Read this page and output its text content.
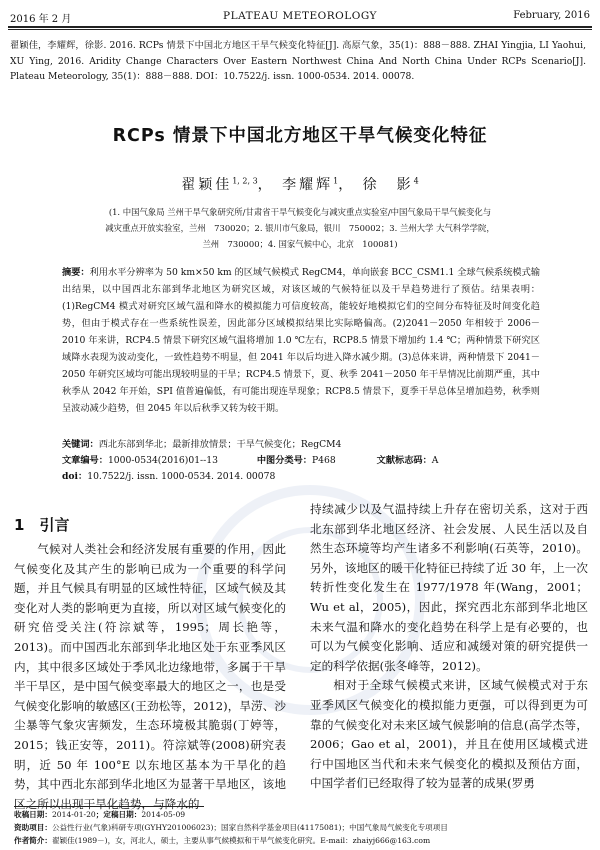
2016 年 2 月	PLATEAU METEOROLOGY	February, 2016
翟颖佳，李耀辉，徐影. 2016. RCPs 情景下中国北方地区干旱气候变化特征[J]. 高原气象，35(1)：888－888. ZHAI Yingjia, LI Yaohui, XU Ying, 2016. Aridity Change Characters Over Eastern Northwest China And North China Under RCPs Scenario[J]. Plateau Meteorology, 35(1)：888－888. DOI：10.7522/j. issn. 1000-0534. 2014. 00078.
RCPs 情景下中国北方地区干旱气候变化特征
翟颖佳$^{1, 2, 3}$， 李耀辉$^1$， 徐　影$^4$
(1. 中国气象局 兰州干旱气象研究所/甘肃省干旱气候变化与减灾重点实验室/中国气象局干旱气候变化与
减灾重点开放实验室，兰州　730020；2. 银川市气象局，银川　750002；3. 兰州大学 大气科学学院，
兰州　730000；4. 国家气候中心，北京　100081)
摘要：利用水平分辨率为 50 km×50 km 的区域气候模式 RegCM4，单向嵌套 BCC_CSM1.1 全球气候系统模式输出结果，以中国西北东部到华北地区为研究区域，对该区域的气候特征以及干旱趋势进行了预估。结果表明：(1)RegCM4 模式对研究区域气温和降水的模拟能力可信度较高，能较好地模拟它们的空间分布特征及时间变化趋势，但由于模式存在一些系统性误差，因此部分区域模拟结果比实际略偏高。(2)2041－2050 年相较于 2006－2010 年来讲，RCP4.5 情景下研究区域气温将增加 1.0 ℃左右，RCP8.5 情景下增加约 1.4 ℃；两种情景下研究区域降水表现为波动变化，一致性趋势不明显，但 2041 年以后均进入降水减少期。(3)总体来讲，两种情景下 2041－2050 年研究区域均可能出现较明显的干旱；RCP4.5 情景下，夏、秋季 2041－2050 年干旱情况比前期严重，其中秋季从 2042 年开始，SPI 值普遍偏低，有可能出现连旱现象；RCP8.5 情景下，夏季干旱总体呈增加趋势，秋季则呈波动减少趋势，但 2045 年以后秋季又转为较干期。
关键词：西北东部到华北；最新排放情景；干旱气候变化；RegCM4
文章编号：1000-0534(2016)01--13	中图分类号：P468	文献标志码：A
doi：10.7522/j. issn. 1000-0534. 2014. 00078
1　 引言

气候对人类社会和经济发展有重要的作用，因此气候变化及其产生的影响已成为一个重要的科学问题，并且气候具有明显的区域性特征，区域气候及其变化对人类的影响更为直接，所以对区域气候变化的研究倍受关注(符淙斌等，1995；周长艳等，2013)。而中国西北东部到华北地区处于东亚季风区内，其中很多区域处于季风北边缘地带，多属于干旱半干旱区，是中国气候变率最大的地区之一，也是受气候变化影响的敏感区(王劲松等，2012)，旱涝、沙尘暴等气象灾害频发，生态环境极其脆弱(丁婷等，2015；钱正安等，2011)。符淙斌等(2008)研究表明，近 50 年 100°E 以东地区基本为干旱化的趋势，其中西北东部到华北地区为显著干旱地区，该地区之所以出现干旱化趋势，与降水的

持续减少以及气温持续上升存在密切关系，这对于西北东部到华北地区经济、社会发展、人民生活以及自然生态环境等均产生诸多不利影响(石英等，2010)。另外，该地区的暖干化特征已持续了近 30 年，上一次转折性变化发生在 1977/1978 年(Wang，2001；Wu et al，2005)，因此，探究西北东部到华北地区未来气温和降水的变化趋势在科学上是有必要的，也可以为气候变化影响、适应和减缓对策的研究提供一定的科学依据(张冬峰等，2012)。

相对于全球气候模式来讲，区域气候模式对于东亚季风区气候变化的模拟能力更强，可以得到更为可靠的气候变化对未来区域气候影响的信息(高学杰等，2006；Gao et al，2001)，并且在使用区域模式进行中国地区当代和未来气候变化的模拟及预估方面，中国学者们已经取得了较为显著的成果(罗勇

收稿日期：2014-01-20；定稿日期：2014-05-09
资助项目：公益性行业(气象)科研专项(GYHY201006023)；国家自然科学基金项目(41175081)；中国气象局气候变化专项项目
作者简介：翟颖佳(1989－)，女，河北人，硕士，主要从事气候模拟和干旱气候变化研究。E-mail：zhaiyj666@163.com
